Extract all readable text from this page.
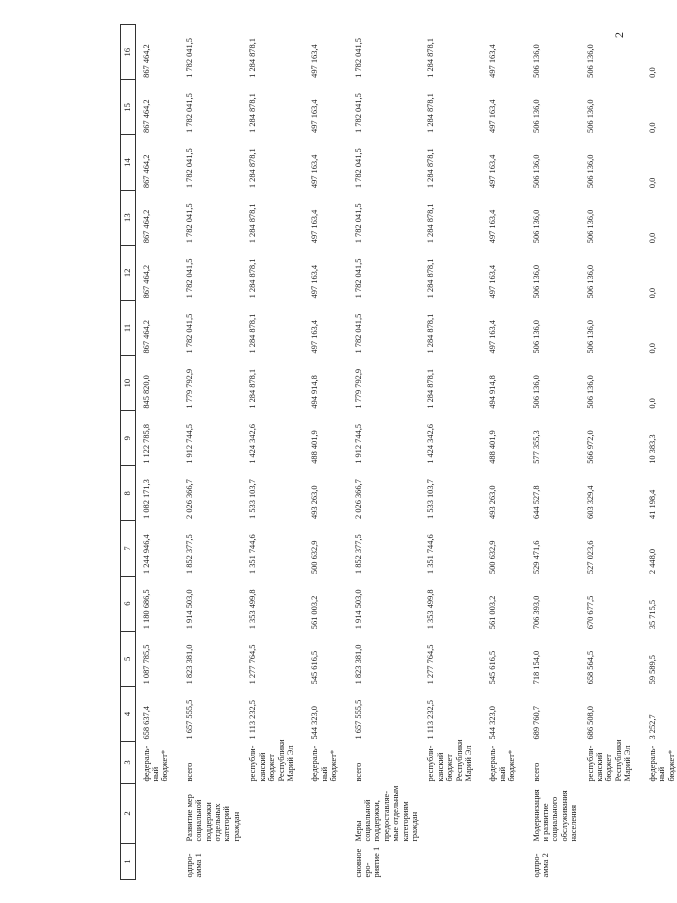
2
1	2	3	4	5	6	7	8	9	10	11	12	13	14	15	16
		федераль-ный бюджет*	658 637,4	1 087 785,5	1 180 686,5	1 244 946,4	1 082 171,3	1 122 785,8	845 820,0	867 464,2	867 464,2	867 464,2	867 464,2	867 464,2	867 464,2
одпро-амма 1	Развитие мер социальной поддержки отдельных категорий граждан	всего	1 657 555,5	1 823 381,0	1 914 503,0	1 852 377,5	2 026 366,7	1 912 744,5	1 779 792,9	1 782 041,5	1 782 041,5	1 782 041,5	1 782 041,5	1 782 041,5	1 782 041,5
		республи-канский бюджет Республики Марий Эл	1 113 232,5	1 277 764,5	1 353 499,8	1 351 744,6	1 533 103,7	1 424 342,6	1 284 878,1	1 284 878,1	1 284 878,1	1 284 878,1	1 284 878,1	1 284 878,1	1 284 878,1
		федераль-ный бюджет*	544 323,0	545 616,5	561 003,2	500 632,9	493 263,0	488 401,9	494 914,8	497 163,4	497 163,4	497 163,4	497 163,4	497 163,4	497 163,4
сновное еро-риятие 1	Меры социальной поддержки, предоставляе-мые отдельным категориям граждан	всего	1 657 555,5	1 823 381,0	1 914 503,0	1 852 377,5	2 026 366,7	1 912 744,5	1 779 792,9	1 782 041,5	1 782 041,5	1 782 041,5	1 782 041,5	1 782 041,5	1 782 041,5
		республи-канский бюджет Республики Марий Эл	1 113 232,5	1 277 764,5	1 353 499,8	1 351 744,6	1 533 103,7	1 424 342,6	1 284 878,1	1 284 878,1	1 284 878,1	1 284 878,1	1 284 878,1	1 284 878,1	1 284 878,1
		федераль-ный бюджет*	544 323,0	545 616,5	561 003,2	500 632,9	493 263,0	488 401,9	494 914,8	497 163,4	497 163,4	497 163,4	497 163,4	497 163,4	497 163,4
одпро-амма 2	Модернизация и развитие социального обслуживания населения	всего	689 760,7	718 154,0	706 393,0	529 471,6	644 527,8	577 355,3	506 136,0	506 136,0	506 136,0	506 136,0	506 136,0	506 136,0	506 136,0
		республи-канский бюджет Республики Марий Эл	686 508,0	658 564,5	670 677,5	527 023,6	603 329,4	566 972,0	506 136,0	506 136,0	506 136,0	506 136,0	506 136,0	506 136,0	506 136,0
		федераль-ный бюджет*	3 252,7	59 589,5	35 715,5	2 448,0	41 198,4	10 383,3	0,0	0,0	0,0	0,0	0,0	0,0	0,0
